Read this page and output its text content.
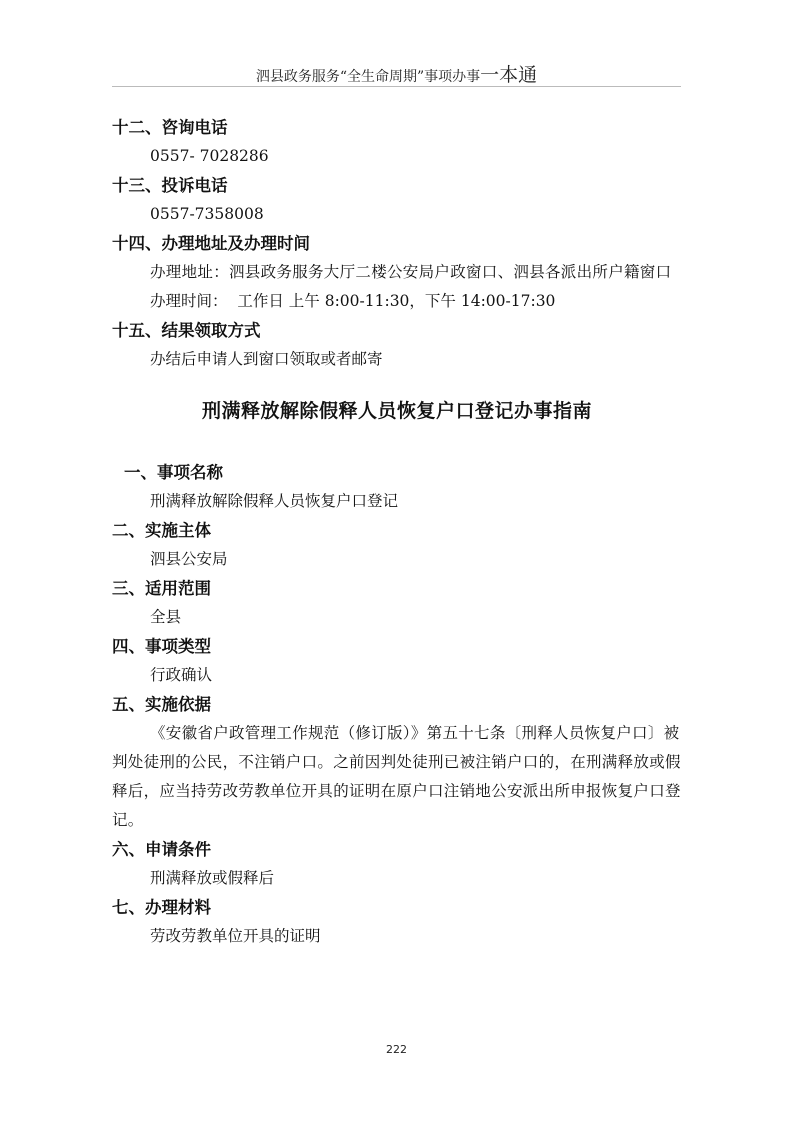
泗县政务服务“全生命周期”事项办事一本通

十二、咨询电话

0557- 7028286

十三、投诉电话

0557-7358008

十四、办理地址及办理时间

办理地址：泗县政务服务大厅二楼公安局户政窗口、泗县各派出所户籍窗口

办理时间：  工作日 上午 8:00-11:30，下午 14:00-17:30

十五、结果领取方式

办结后申请人到窗口领取或者邮寄

刑满释放解除假释人员恢复户口登记办事指南

一、事项名称

刑满释放解除假释人员恢复户口登记

二、实施主体

泗县公安局

三、适用范围

全县

四、事项类型

行政确认

五、实施依据

《安徽省户政管理工作规范（修订版）》第五十七条〔刑释人员恢复户口〕被判处徒刑的公民，不注销户口。之前因判处徒刑已被注销户口的，在刑满释放或假释后，应当持劳改劳教单位开具的证明在原户口注销地公安派出所申报恢复户口登记。

六、申请条件

刑满释放或假释后

七、办理材料

劳改劳教单位开具的证明

222
